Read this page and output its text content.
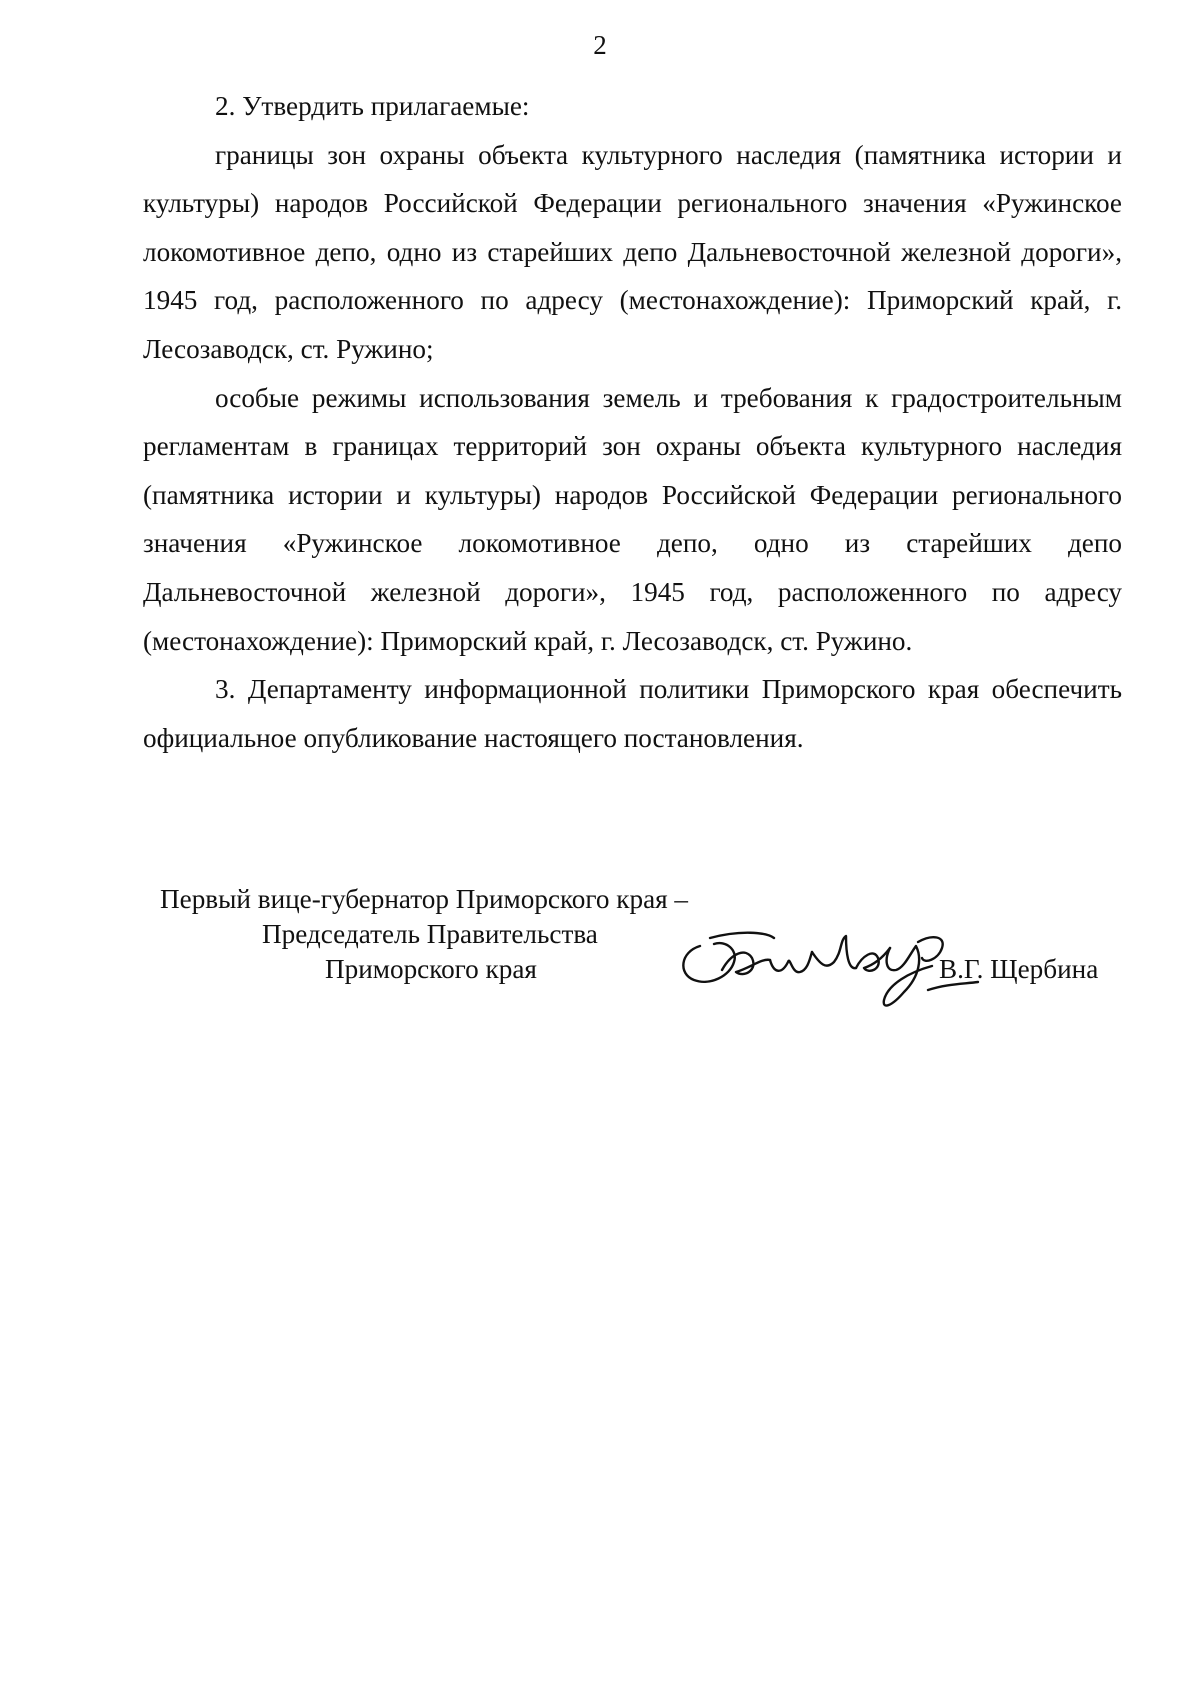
2

2. Утвердить прилагаемые:

границы зон охраны объекта культурного наследия (памятника истории и культуры) народов Российской Федерации регионального значения «Ружинское локомотивное депо, одно из старейших депо Дальневосточной железной дороги», 1945 год, расположенного по адресу (местонахождение): Приморский край, г. Лесозаводск, ст. Ружино;

особые режимы использования земель и требования к градостроительным регламентам в границах территорий зон охраны объекта культурного наследия (памятника истории и культуры) народов Российской Федерации регионального значения «Ружинское локомотивное депо, одно из старейших депо Дальневосточной железной дороги», 1945 год, расположенного по адресу (местонахождение): Приморский край, г. Лесозаводск, ст. Ружино.

3. Департаменту информационной политики Приморского края обеспечить официальное опубликование настоящего постановления.

Первый вице-губернатор Приморского края –
Председатель Правительства
Приморского края	В.Г. Щербина
